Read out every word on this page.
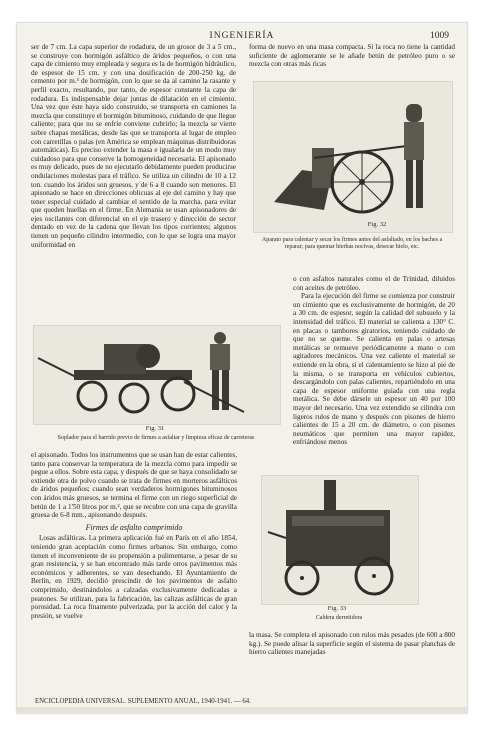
INGENIERÍA	1009

ser de 7 cm. La capa superior de rodadura, de un grosor de 3 a 5 cm., se construye con hormigón asfáltico de áridos pequeños, o con una capa de cimiento muy empleada y segura es la de hormigón hidráulico, de espesor de 15 cm. y con una dosificación de 200-250 kg. de cemento por m.³ de hormigón, con lo que se da al camino la rasante y perfil exacto, resultando, por tanto, de espesor constante la capa de rodadura. Es indispensable dejar juntas de dilatación en el cimiento. Una vez que éste haya sido construido, se transporta en camiones la mezcla que constituye el hormigón bituminoso, cuidando de que llegue caliente; para que no se enfríe conviene cubrirlo; la mezcla se vierte sobre chapas metálicas, desde las que se transporta al lugar de empleo con carretillas o palas (en América se emplean máquinas distribuidoras automáticas). Es preciso extender la masa e igualarla de un modo muy cuidadoso para que conserve la homogeneidad necesaria. El apisonado es muy delicado, pues de no ejecutarlo debidamente pueden producirse ondulaciones molestas para el tráfico. Se utiliza un cilindro de 10 a 12 ton. cuando los áridos son gruesos, y de 6 a 8 cuando son menores. El apisonado se hace en direcciones oblicuas al eje del camino y hay que tener especial cuidado al cambiar el sentido de la marcha, para evitar que queden huellas en el firme. En Alemania se usan apisonadores de ejes oscilantes con diferencial en el eje trasero y dirección de sector dentado en vez de la cadena que llevan los tipos corrientes; algunos tienen un pequeño cilindro intermedio, con lo que se logra una mayor uniformidad en

forma de nuevo en una masa compacta. Si la roca no tiene la cantidad suficiente de aglomerante se le añade betún de petróleo puro o se mezcla con otras más ricas

Fig. 32
Aparato para calentar y secar los firmes antes del asfaltado, en los baches a reparar; para quemar hierbas nocivas, desecar hielo, etc.
Fig. 31
Soplador para el barrido previo de firmes a asfaltar y limpieza eficaz de carreteras

o con asfaltos naturales como el de Trinidad, diluidos con aceites de petróleo.

Para la ejecución del firme se comienza por construir un cimiento que es exclusivamente de hormigón, de 20 a 30 cm. de espesor, según la calidad del subsuelo y la intensidad del tráfico. El material se calienta a 130° C. en placas o tambores giratorios, teniendo cuidado de que no se queme. Se calienta en palas o artesas metálicas se remueve periódicamente a mano o con agitadores mecánicos. Una vez caliente el material se extiende en la obra, si el calentamiento se hizo al pie de la misma, o se transporta en vehículos cubiertos, descargándolo con palas calientes, repartiéndolo en una capa de espesor uniforme guiada con una regla metálica. Se debe dársele un espesor un 40 por 100 mayor del necesario. Una vez extendido se cilindra con ligeros rulos de mano y después con pisones de hierro calientes de 15 a 20 cm. de diámetro, o con pisones neumáticos que permiten una mayor rapidez, enfriándose menos

el apisonado. Todos los instrumentos que se usan han de estar calientes, tanto para conservar la temperatura de la mezcla como para impedir se pegue a ellos. Sobre esta capa, y después de que se haya consolidado se extiende otra de polvo cuando se trata de firmes en morteros asfálticos de áridos pequeños; cuando sean verdaderos hormigones bituminosos con áridos más gruesos, se termina el firme con un riego superficial de betún de 1 a 1'50 litros por m.², que se recubre con una capa de gravilla gruesa de 6-8 mm., apisonando después.

Firmes de asfalto comprimido

Losas asfálticas. La primera aplicación fué en París en el año 1854, teniendo gran aceptación como firmes urbanos. Sin embargo, como tienen el inconveniente de su propensión a pulimentarse, a pesar de su gran resistencia, y se han encontrado más tarde otros pavimentos más económicos y adherentes, se van desechando. El Ayuntamiento de Berlín, en 1929, decidió prescindir de los pavimentos de asfalto comprimido, destinándolos a calzadas exclusivamente dedicadas a peatones. Se utilizan, para la fabricación, las calizas asfálticas de gran porosidad. La roca finamente pulverizada, por la acción del calor y la presión, se vuelve

Fig. 33
Caldera derretidora

la masa. Se completa el apisonado con rulos más pesados (de 600 a 800 kg.). Se puede alisar la superficie según el sistema de pasar planchas de hierro calientes manejadas

ENCICLOPEDIA UNIVERSAL. SUPLEMENTO ANUAL, 1940-1941. — 64.
